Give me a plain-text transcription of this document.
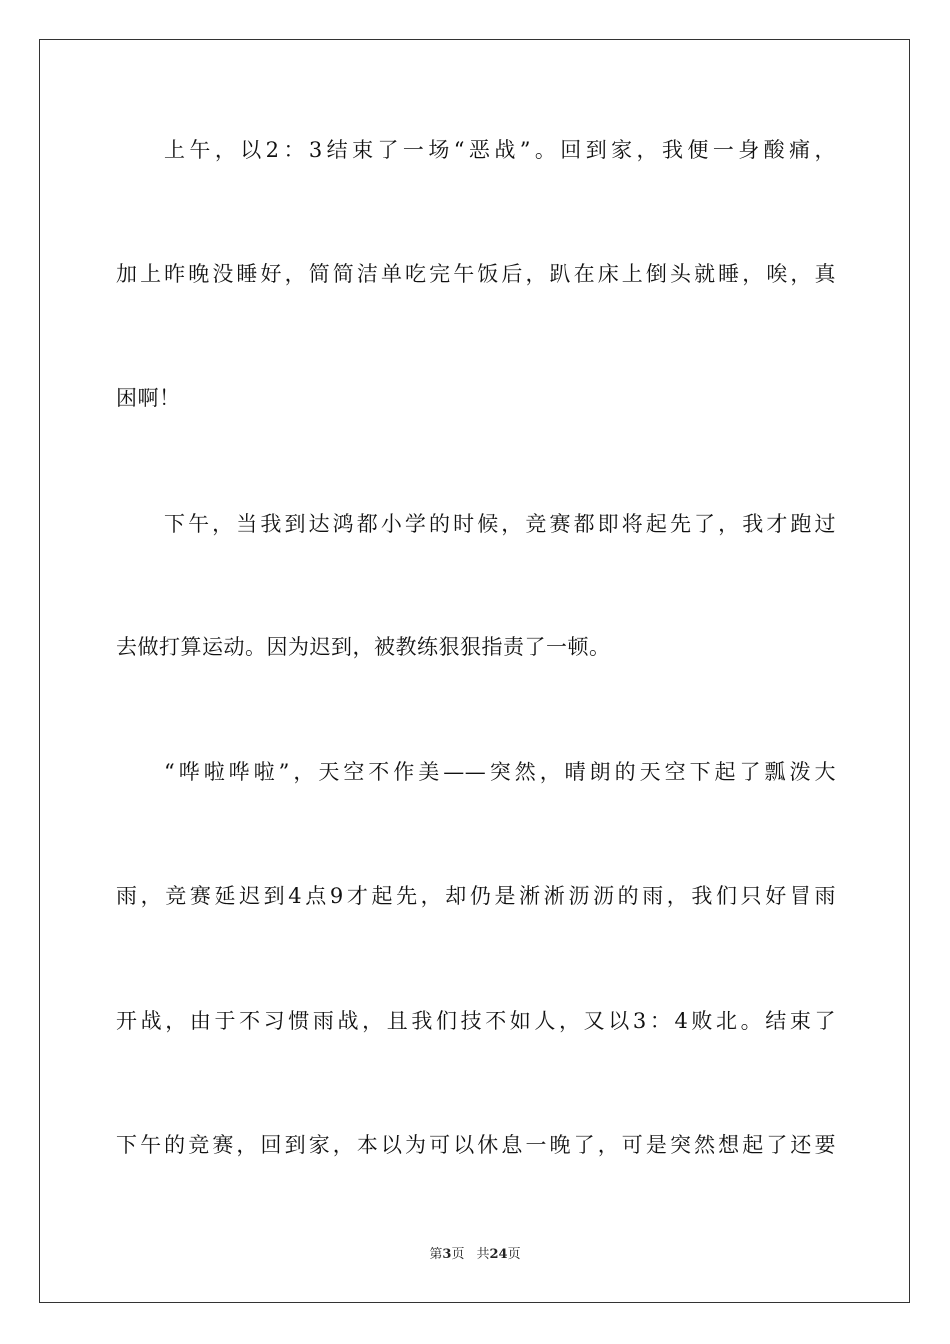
上午，以2：3结束了一场“恶战”。回到家，我便一身酸痛，
加上昨晚没睡好，简简洁单吃完午饭后，趴在床上倒头就睡，唉，真
困啊！
下午，当我到达鸿都小学的时候，竞赛都即将起先了，我才跑过
去做打算运动。因为迟到，被教练狠狠指责了一顿。
“哗啦哗啦”，天空不作美——突然，晴朗的天空下起了瓢泼大
雨，竞赛延迟到4点9才起先，却仍是淅淅沥沥的雨，我们只好冒雨
开战，由于不习惯雨战，且我们技不如人，又以3：4败北。结束了
下午的竞赛，回到家，本以为可以休息一晚了，可是突然想起了还要
第3页 共24页
